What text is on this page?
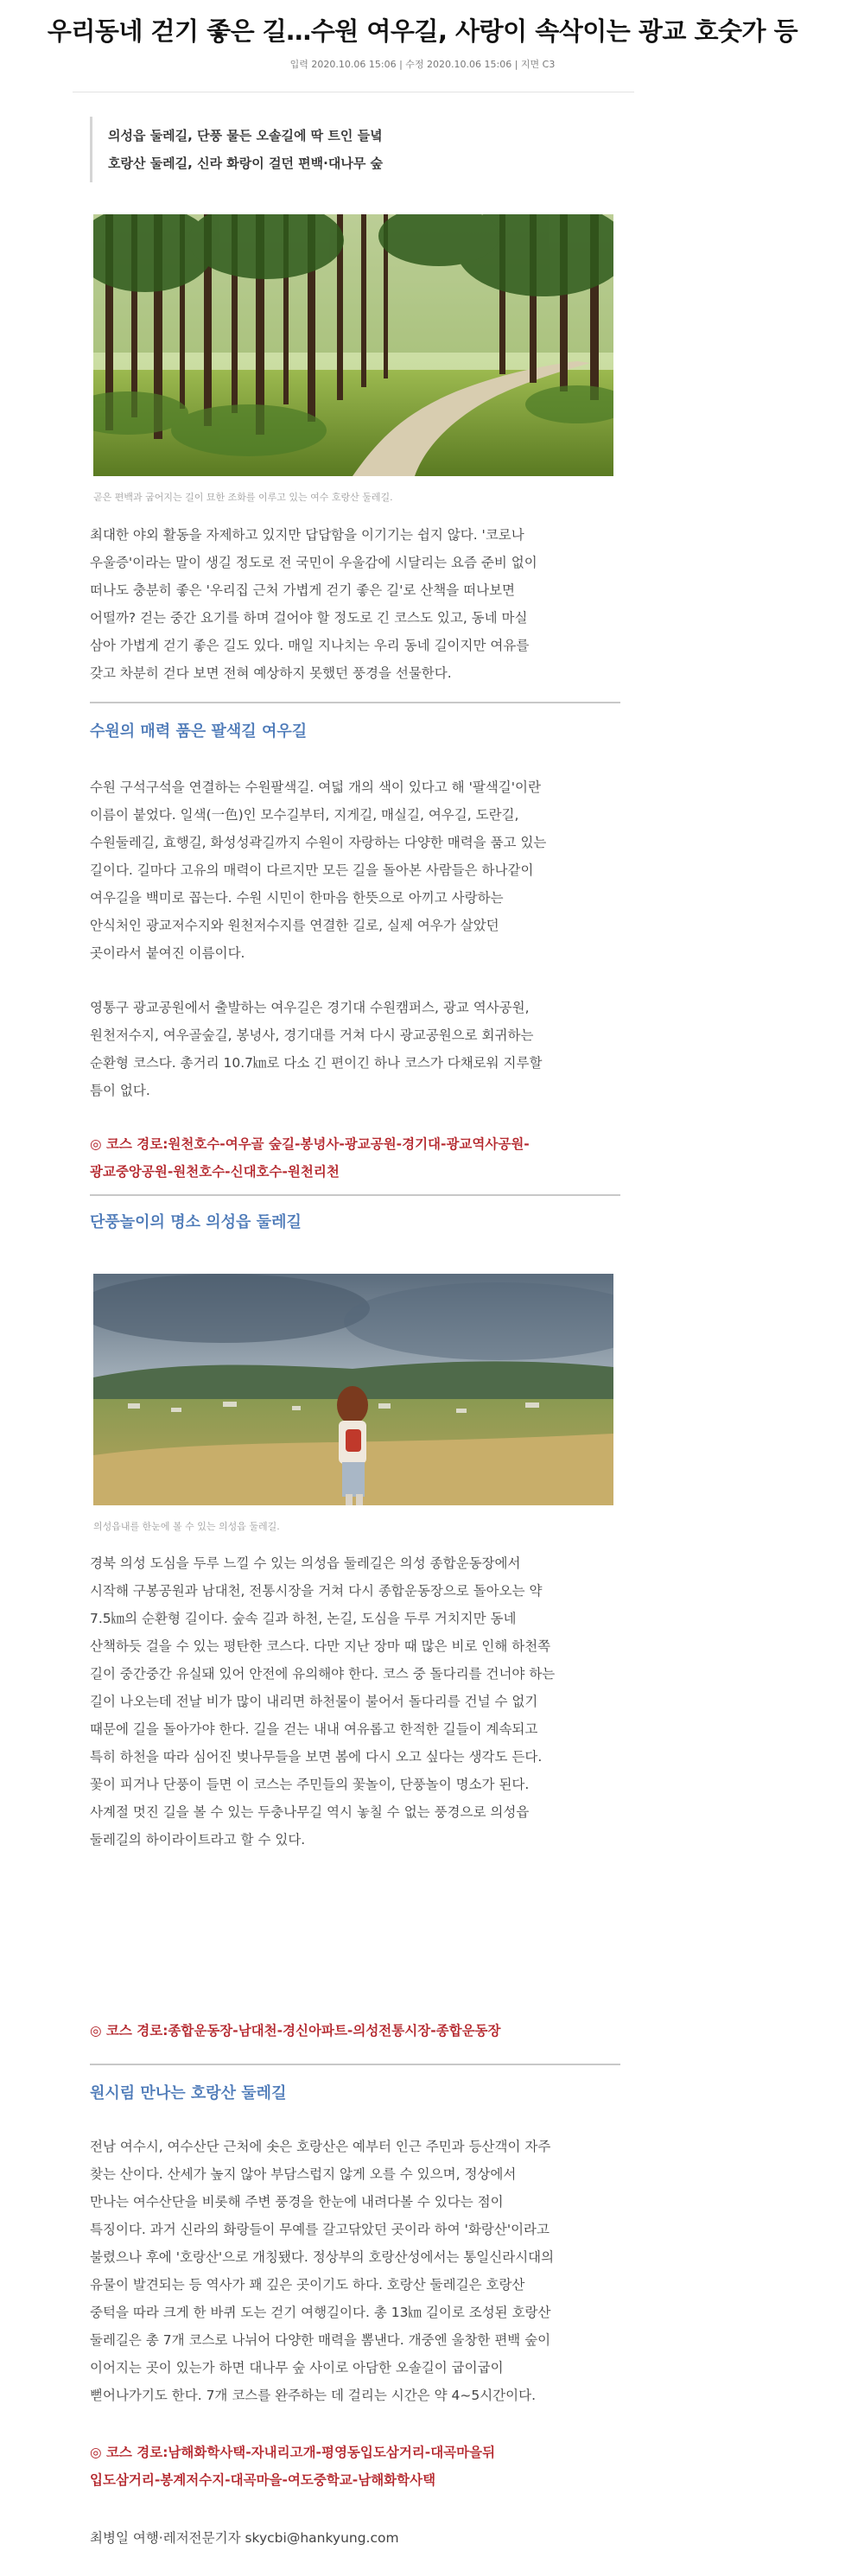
우리동네 걷기 좋은 길…수원 여우길, 사랑이 속삭이는 광교 호숫가 등
입력 2020.10.06 15:06 | 수정 2020.10.06 15:06 | 지면 C3
의성읍 둘레길, 단풍 물든 오솔길에 딱 트인 들녘
호랑산 둘레길, 신라 화랑이 걸던 편백·대나무 숲
곧은 편백과 굽어지는 길이 묘한 조화를 이루고 있는 여수 호랑산 둘레길.

최대한 야외 활동을 자제하고 있지만 답답함을 이기기는 쉽지 않다. '코로나

우울증'이라는 말이 생길 정도로 전 국민이 우울감에 시달리는 요즘 준비 없이

떠나도 충분히 좋은 '우리집 근처 가볍게 걷기 좋은 길'로 산책을 떠나보면

어떨까? 걷는 중간 요기를 하며 걸어야 할 정도로 긴 코스도 있고, 동네 마실

삼아 가볍게 걷기 좋은 길도 있다. 매일 지나치는 우리 동네 길이지만 여유를

갖고 차분히 걷다 보면 전혀 예상하지 못했던 풍경을 선물한다.

수원의 매력 품은 팔색길 여우길

수원 구석구석을 연결하는 수원팔색길. 여덟 개의 색이 있다고 해 '팔색길'이란

이름이 붙었다. 일색(一色)인 모수길부터, 지게길, 매실길, 여우길, 도란길,

수원둘레길, 효행길, 화성성곽길까지 수원이 자랑하는 다양한 매력을 품고 있는

길이다. 길마다 고유의 매력이 다르지만 모든 길을 돌아본 사람들은 하나같이

여우길을 백미로 꼽는다. 수원 시민이 한마음 한뜻으로 아끼고 사랑하는

안식처인 광교저수지와 원천저수지를 연결한 길로, 실제 여우가 살았던

곳이라서 붙여진 이름이다.

영통구 광교공원에서 출발하는 여우길은 경기대 수원캠퍼스, 광교 역사공원,

원천저수지, 여우골숲길, 봉녕사, 경기대를 거쳐 다시 광교공원으로 회귀하는

순환형 코스다. 총거리 10.7㎞로 다소 긴 편이긴 하나 코스가 다채로워 지루할

틈이 없다.

◎ 코스 경로:원천호수-여우골 숲길-봉녕사-광교공원-경기대-광교역사공원-
광교중앙공원-원천호수-신대호수-원천리천
단풍놀이의 명소 의성읍 둘레길
의성읍내를 한눈에 볼 수 있는 의성읍 둘레길.

경북 의성 도심을 두루 느낄 수 있는 의성읍 둘레길은 의성 종합운동장에서

시작해 구봉공원과 남대천, 전통시장을 거쳐 다시 종합운동장으로 돌아오는 약

7.5㎞의 순환형 길이다. 숲속 길과 하천, 논길, 도심을 두루 거치지만 동네

산책하듯 걸을 수 있는 평탄한 코스다. 다만 지난 장마 때 많은 비로 인해 하천쪽

길이 중간중간 유실돼 있어 안전에 유의해야 한다. 코스 중 돌다리를 건너야 하는

길이 나오는데 전날 비가 많이 내리면 하천물이 불어서 돌다리를 건널 수 없기

때문에 길을 돌아가야 한다. 길을 걷는 내내 여유롭고 한적한 길들이 계속되고

특히 하천을 따라 심어진 벚나무들을 보면 봄에 다시 오고 싶다는 생각도 든다.

꽃이 피거나 단풍이 들면 이 코스는 주민들의 꽃놀이, 단풍놀이 명소가 된다.

사계절 멋진 길을 볼 수 있는 두충나무길 역시 놓칠 수 없는 풍경으로 의성읍

둘레길의 하이라이트라고 할 수 있다.

◎ 코스 경로:종합운동장-남대천-경신아파트-의성전통시장-종합운동장
원시림 만나는 호랑산 둘레길

전남 여수시, 여수산단 근처에 솟은 호랑산은 예부터 인근 주민과 등산객이 자주

찾는 산이다. 산세가 높지 않아 부담스럽지 않게 오를 수 있으며, 정상에서

만나는 여수산단을 비롯해 주변 풍경을 한눈에 내려다볼 수 있다는 점이

특징이다. 과거 신라의 화랑들이 무예를 갈고닦았던 곳이라 하여 '화랑산'이라고

불렸으나 후에 '호랑산'으로 개칭됐다. 정상부의 호랑산성에서는 통일신라시대의

유물이 발견되는 등 역사가 꽤 깊은 곳이기도 하다. 호랑산 둘레길은 호랑산

중턱을 따라 크게 한 바퀴 도는 걷기 여행길이다. 총 13㎞ 길이로 조성된 호랑산

둘레길은 총 7개 코스로 나뉘어 다양한 매력을 뽐낸다. 개중엔 울창한 편백 숲이

이어지는 곳이 있는가 하면 대나무 숲 사이로 아담한 오솔길이 굽이굽이

뻗어나가기도 한다. 7개 코스를 완주하는 데 걸리는 시간은 약 4~5시간이다.

◎ 코스 경로:남해화학사택-자내리고개-평영동입도삼거리-대곡마을뒤
입도삼거리-봉계저수지-대곡마을-여도중학교-남해화학사택
최병일 여행·레저전문기자 skycbi@hankyung.com
